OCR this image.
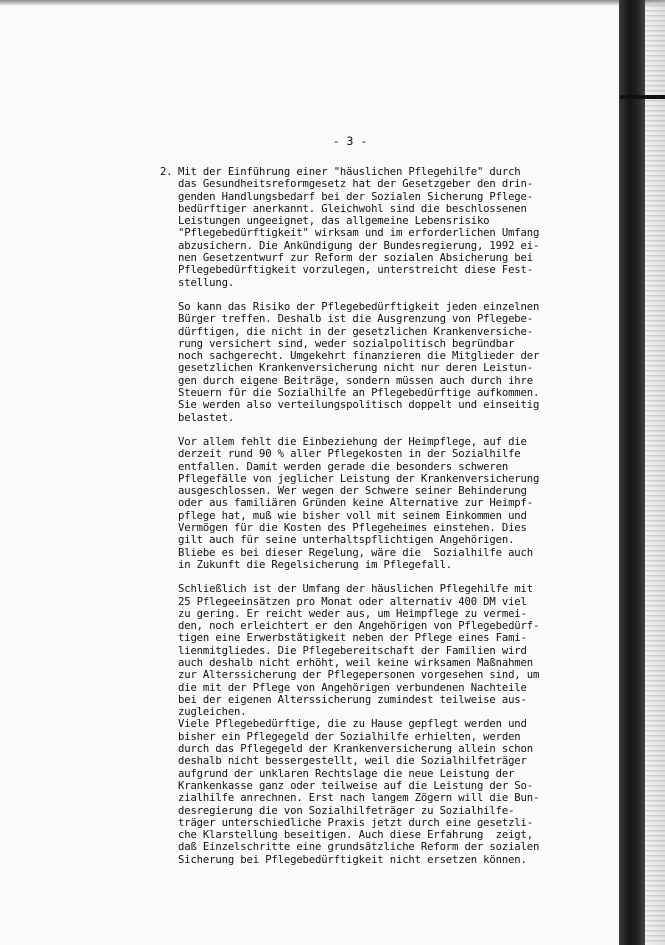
- 3 -
2. Mit der Einführung einer "häuslichen Pflegehilfe" durch
das Gesundheitsreformgesetz hat der Gesetzgeber den drin-
genden Handlungsbedarf bei der Sozialen Sicherung Pflege-
bedürftiger anerkannt. Gleichwohl sind die beschlossenen
Leistungen ungeeignet, das allgemeine Lebensrisiko
"Pflegebedürftigkeit" wirksam und im erforderlichen Umfang
abzusichern. Die Ankündigung der Bundesregierung, 1992 ei-
nen Gesetzentwurf zur Reform der sozialen Absicherung bei
Pflegebedürftigkeit vorzulegen, unterstreicht diese Fest-
stellung.
So kann das Risiko der Pflegebedürftigkeit jeden einzelnen
Bürger treffen. Deshalb ist die Ausgrenzung von Pflegebe-
dürftigen, die nicht in der gesetzlichen Krankenversiche-
rung versichert sind, weder sozialpolitisch begründbar
noch sachgerecht. Umgekehrt finanzieren die Mitglieder der
gesetzlichen Krankenversicherung nicht nur deren Leistun-
gen durch eigene Beiträge, sondern müssen auch durch ihre
Steuern für die Sozialhilfe an Pflegebedürftige aufkommen.
Sie werden also verteilungspolitisch doppelt und einseitig
belastet.
Vor allem fehlt die Einbeziehung der Heimpflege, auf die
derzeit rund 90 % aller Pflegekosten in der Sozialhilfe
entfallen. Damit werden gerade die besonders schweren
Pflegefälle von jeglicher Leistung der Krankenversicherung
ausgeschlossen. Wer wegen der Schwere seiner Behinderung
oder aus familiären Gründen keine Alternative zur Heimpf-
pflege hat, muß wie bisher voll mit seinem Einkommen und
Vermögen für die Kosten des Pflegeheimes einstehen. Dies
gilt auch für seine unterhaltspflichtigen Angehörigen.
Bliebe es bei dieser Regelung, wäre die  Sozialhilfe auch
in Zukunft die Regelsicherung im Pflegefall.
Schließlich ist der Umfang der häuslichen Pflegehilfe mit
25 Pflegeeinsätzen pro Monat oder alternativ 400 DM viel
zu gering. Er reicht weder aus, um Heimpflege zu vermei-
den, noch erleichtert er den Angehörigen von Pflegebedürf-
tigen eine Erwerbstätigkeit neben der Pflege eines Fami-
lienmitgliedes. Die Pflegebereitschaft der Familien wird
auch deshalb nicht erhöht, weil keine wirksamen Maßnahmen
zur Alterssicherung der Pflegepersonen vorgesehen sind, um
die mit der Pflege von Angehörigen verbundenen Nachteile
bei der eigenen Alterssicherung zumindest teilweise aus-
zugleichen.
Viele Pflegebedürftige, die zu Hause gepflegt werden und
bisher ein Pflegegeld der Sozialhilfe erhielten, werden
durch das Pflegegeld der Krankenversicherung allein schon
deshalb nicht bessergestellt, weil die Sozialhilfeträger
aufgrund der unklaren Rechtslage die neue Leistung der
Krankenkasse ganz oder teilweise auf die Leistung der So-
zialhilfe anrechnen. Erst nach langem Zögern will die Bun-
desregierung die von Sozialhilfeträger zu Sozialhilfe-
träger unterschiedliche Praxis jetzt durch eine gesetzli-
che Klarstellung beseitigen. Auch diese Erfahrung  zeigt,
daß Einzelschritte eine grundsätzliche Reform der sozialen
Sicherung bei Pflegebedürftigkeit nicht ersetzen können.
